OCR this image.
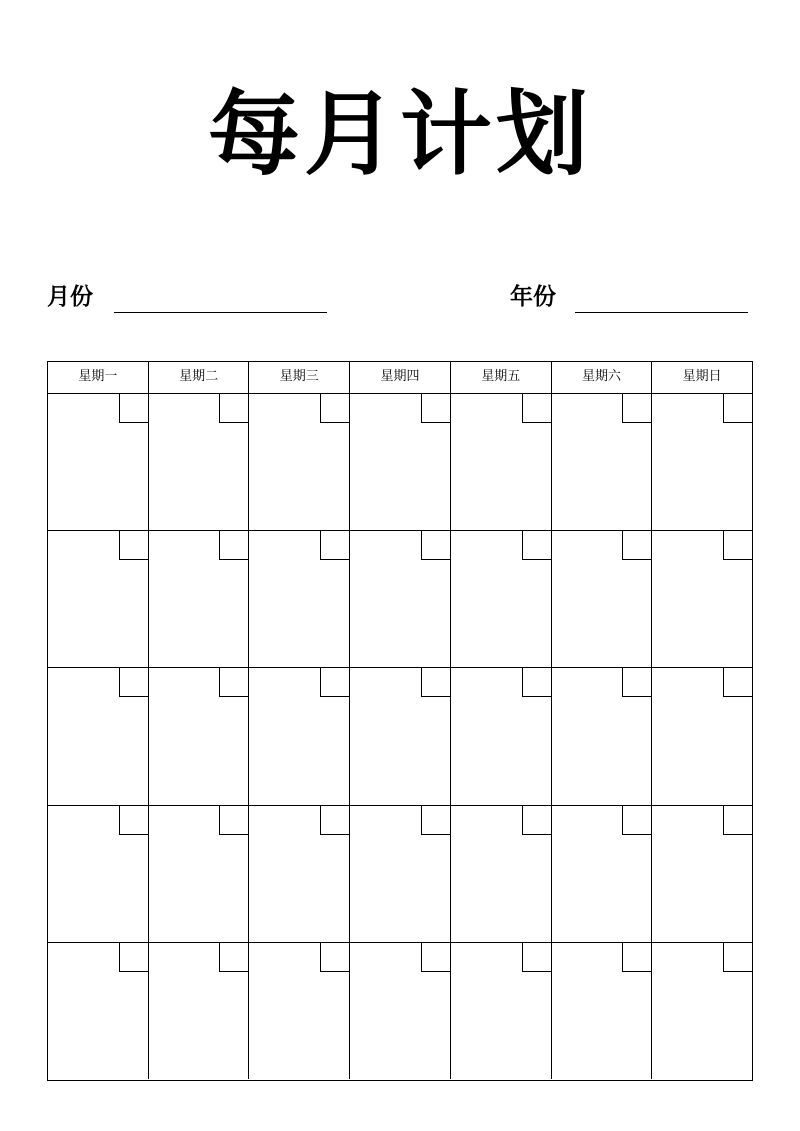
每月计划
月份	年份
星期一	星期二	星期三	星期四	星期五	星期六	星期日
